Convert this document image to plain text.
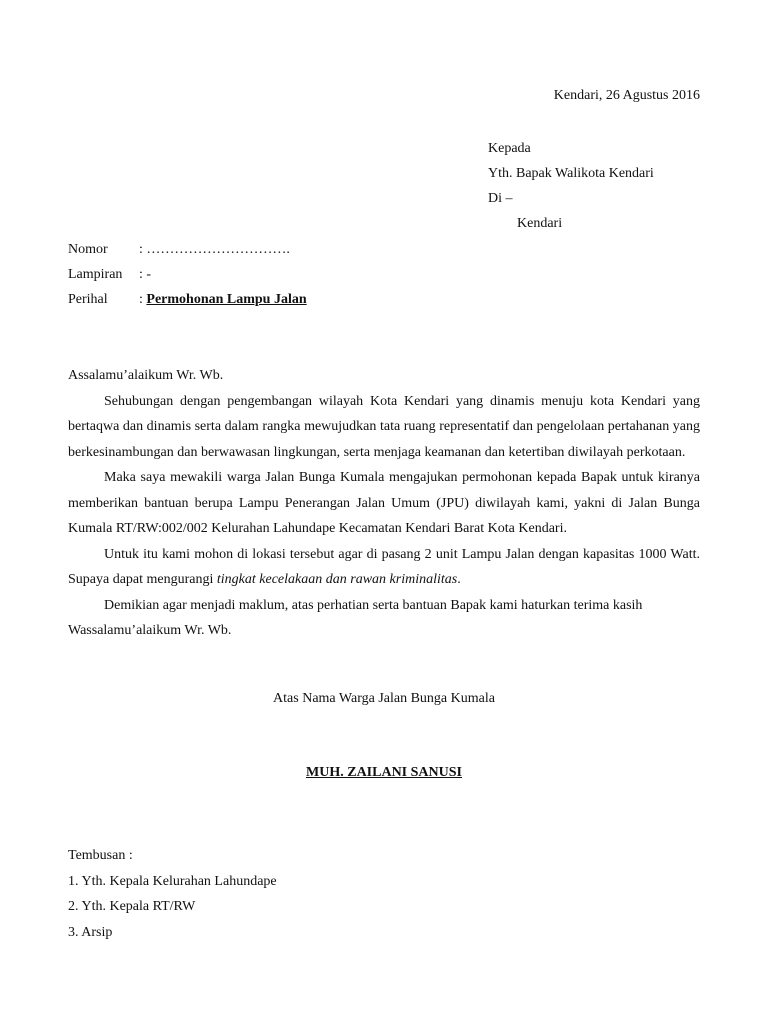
Kendari, 26 Agustus 2016
Kepada
Yth. Bapak Walikota Kendari
Di –
Kendari
Nomor	: ………………………….
Lampiran	: -
Perihal	: Permohonan Lampu Jalan

Assalamu’alaikum Wr. Wb.

Sehubungan dengan pengembangan wilayah Kota Kendari yang dinamis menuju kota Kendari yang bertaqwa dan dinamis serta dalam rangka mewujudkan tata ruang representatif dan pengelolaan pertahanan yang berkesinambungan dan berwawasan lingkungan, serta menjaga keamanan dan ketertiban diwilayah perkotaan.

Maka saya mewakili warga Jalan Bunga Kumala mengajukan permohonan kepada Bapak untuk kiranya memberikan bantuan berupa Lampu Penerangan Jalan Umum (JPU) diwilayah kami, yakni di Jalan Bunga Kumala RT/RW:002/002 Kelurahan Lahundape Kecamatan Kendari Barat Kota Kendari.

Untuk itu kami mohon di lokasi tersebut agar di pasang 2 unit Lampu Jalan dengan kapasitas 1000 Watt. Supaya dapat mengurangi tingkat kecelakaan dan rawan kriminalitas.

Demikian agar menjadi maklum, atas perhatian serta bantuan Bapak kami haturkan terima kasih

Wassalamu’alaikum Wr. Wb.

Atas Nama Warga Jalan Bunga Kumala
MUH. ZAILANI SANUSI
Tembusan :
1. Yth. Kepala Kelurahan Lahundape
2. Yth. Kepala RT/RW
3. Arsip
